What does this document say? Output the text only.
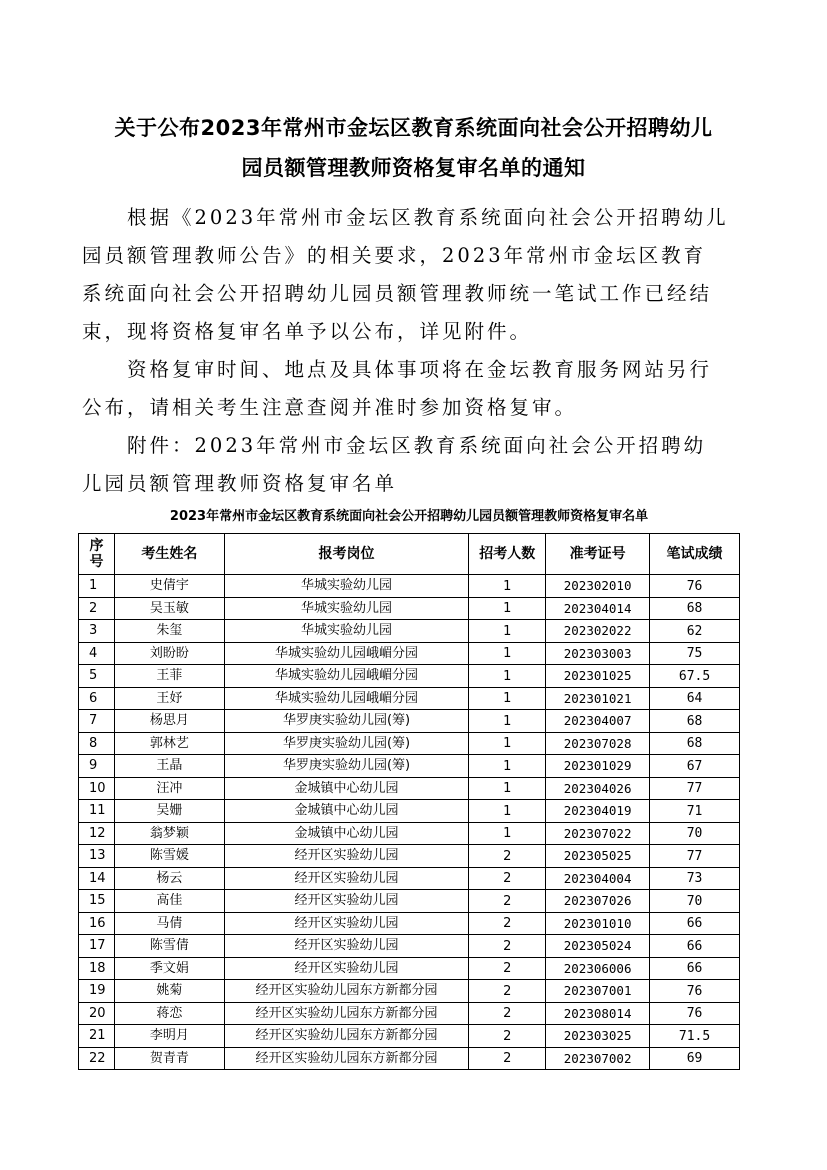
关于公布2023年常州市金坛区教育系统面向社会公开招聘幼儿
园员额管理教师资格复审名单的通知
　　根据《2023年常州市金坛区教育系统面向社会公开招聘幼儿
园员额管理教师公告》的相关要求，2023年常州市金坛区教育
系统面向社会公开招聘幼儿园员额管理教师统一笔试工作已经结
束，现将资格复审名单予以公布，详见附件。
　　资格复审时间、地点及具体事项将在金坛教育服务网站另行
公布，请相关考生注意查阅并准时参加资格复审。
　　附件：2023年常州市金坛区教育系统面向社会公开招聘幼
儿园员额管理教师资格复审名单
2023年常州市金坛区教育系统面向社会公开招聘幼儿园员额管理教师资格复审名单
序
号	考生姓名	报考岗位	招考人数	准考证号	笔试成绩
1	史倩宇	华城实验幼儿园	1	202302010	76
2	吴玉敏	华城实验幼儿园	1	202304014	68
3	朱玺	华城实验幼儿园	1	202302022	62
4	刘盼盼	华城实验幼儿园峨嵋分园	1	202303003	75
5	王菲	华城实验幼儿园峨嵋分园	1	202301025	67.5
6	王妤	华城实验幼儿园峨嵋分园	1	202301021	64
7	杨思月	华罗庚实验幼儿园(筹)	1	202304007	68
8	郭林艺	华罗庚实验幼儿园(筹)	1	202307028	68
9	王晶	华罗庚实验幼儿园(筹)	1	202301029	67
10	汪冲	金城镇中心幼儿园	1	202304026	77
11	吴姗	金城镇中心幼儿园	1	202304019	71
12	翁梦颖	金城镇中心幼儿园	1	202307022	70
13	陈雪媛	经开区实验幼儿园	2	202305025	77
14	杨云	经开区实验幼儿园	2	202304004	73
15	高佳	经开区实验幼儿园	2	202307026	70
16	马倩	经开区实验幼儿园	2	202301010	66
17	陈雪倩	经开区实验幼儿园	2	202305024	66
18	季文娟	经开区实验幼儿园	2	202306006	66
19	姚菊	经开区实验幼儿园东方新都分园	2	202307001	76
20	蒋恋	经开区实验幼儿园东方新都分园	2	202308014	76
21	李明月	经开区实验幼儿园东方新都分园	2	202303025	71.5
22	贺青青	经开区实验幼儿园东方新都分园	2	202307002	69
